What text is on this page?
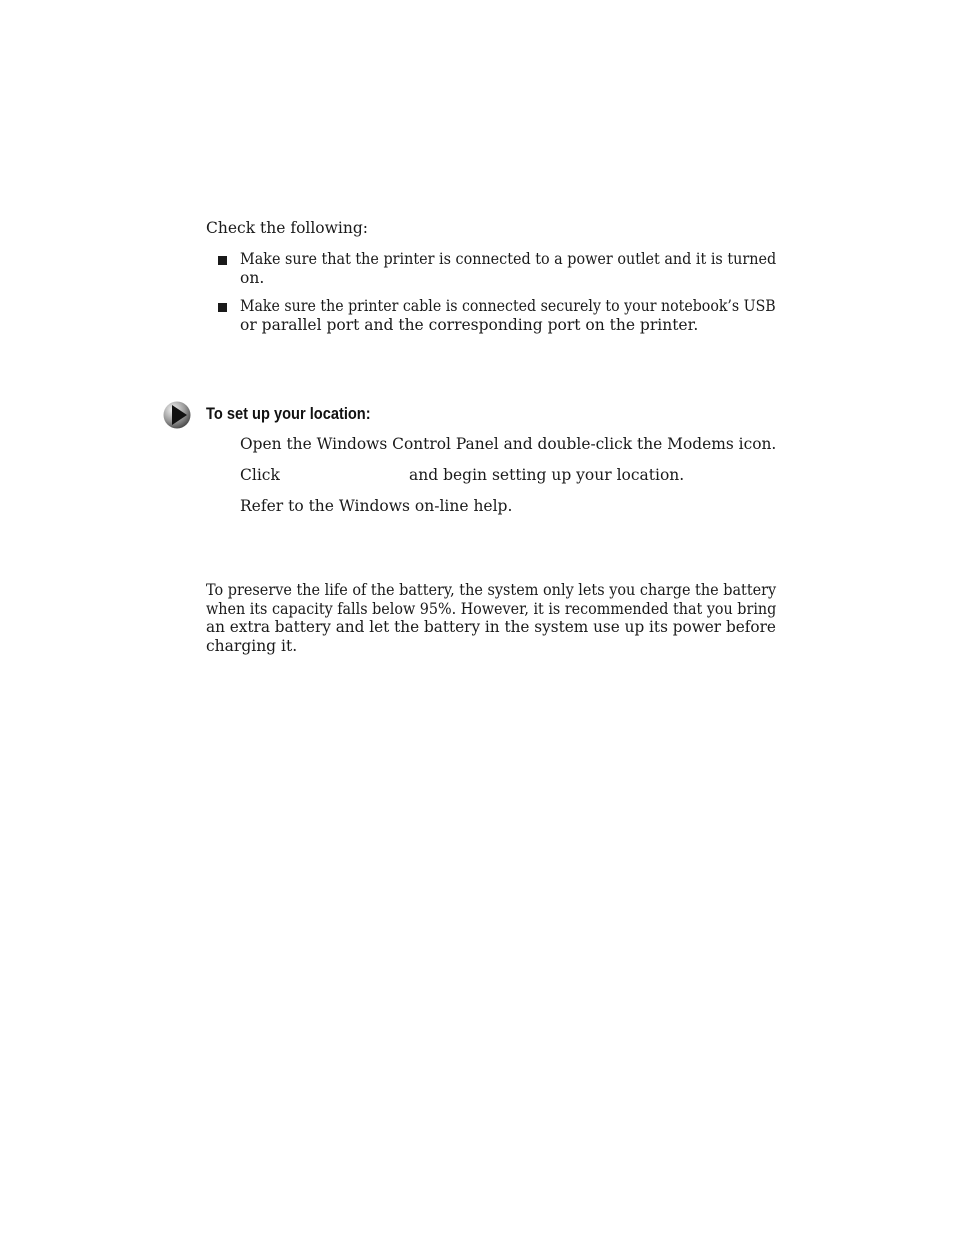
Check the following:

Make sure that the printer is connected to a power outlet and it is turned

on.

Make sure the printer cable is connected securely to your notebook’s USB

or parallel port and the corresponding port on the printer.

To set up your location:

Open the Windows Control Panel and double-click the Modems icon.

Click	and begin setting up your location.

Refer to the Windows on-line help.

To preserve the life of the battery, the system only lets you charge the battery

when its capacity falls below 95%. However, it is recommended that you bring

an extra battery and let the battery in the system use up its power before

charging it.
